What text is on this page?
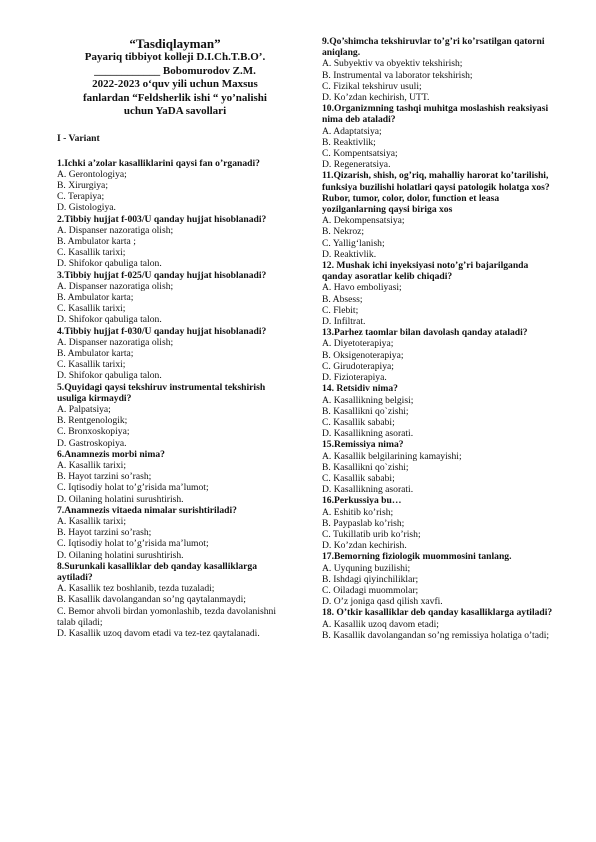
“Tasdiqlayman”
Payariq tibbiyot kolleji D.I.Ch.T.B.O’.
____________ Bobomurodov Z.M.
2022-2023 o‘quv yili uchun Maxsus
fanlardan “Feldsherlik ishi “ yo’nalishi
uchun YaDA savollari
I - Variant
1.Ichki a’zolar kasalliklarini qaysi fan o’rganadi?
A. Gerontologiya;
B. Xirurgiya;
C. Terapiya;
D. Gistologiya.
2.Tibbiy hujjat f-003/U qanday hujjat hisoblanadi?
A. Dispanser nazoratiga olish;
B. Ambulator karta ;
C. Kasallik tarixi;
D. Shifokor qabuliga talon.
3.Tibbiy hujjat f-025/U qanday hujjat hisoblanadi?
A. Dispanser nazoratiga olish;
B. Ambulator karta;
C. Kasallik tarixi;
D. Shifokor qabuliga talon.
4.Tibbiy hujjat f-030/U qanday hujjat hisoblanadi?
A. Dispanser nazoratiga olish;
B. Ambulator karta;
C. Kasallik tarixi;
D. Shifokor qabuliga talon.
5.Quyidagi qaysi tekshiruv instrumental tekshirish usuliga kirmaydi?
A. Palpatsiya;
B. Rentgenologik;
C. Bronxoskopiya;
D. Gastroskopiya.
6.Anamnezis morbi nima?
A. Kasallik tarixi;
B. Hayot tarzini so’rash;
C. Iqtisodiy holat to’g’risida ma’lumot;
D. Oilaning holatini surushtirish.
7.Anamnezis vitaeda nimalar surishtiriladi?
A. Kasallik tarixi;
B. Hayot tarzini so’rash;
C. Iqtisodiy holat to’g’risida ma’lumot;
D. Oilaning holatini surushtirish.
8.Surunkali kasalliklar deb qanday kasalliklarga aytiladi?
A. Kasallik tez boshlanib, tezda tuzaladi;
B. Kasallik davolangandan so’ng qaytalanmaydi;
C. Bemor ahvoli birdan yomonlashib, tezda davolanishni talab qiladi;
D. Kasallik uzoq davom etadi va tez-tez qaytalanadi.
9.Qo’shimcha tekshiruvlar to’g’ri ko’rsatilgan qatorni aniqlang.
A. Subyektiv va obyektiv tekshirish;
B. Instrumental va laborator tekshirish;
C. Fizikal tekshiruv usuli;
D. Ko’zdan kechirish, UTT.
10.Organizmning tashqi muhitga moslashish reaksiyasi nima deb ataladi?
A. Adaptatsiya;
B. Reaktivlik;
C. Kompentsatsiya;
D. Regeneratsiya.
11.Qizarish, shish, og’riq, mahalliy harorat ko’tarilishi, funksiya buzilishi holatlari qaysi patologik holatga xos? Rubor, tumor, color, dolor, function et leasa yozilganlarning qaysi biriga xos
A. Dekompensatsiya;
B. Nekroz;
C. Yallig‘lanish;
D. Reaktivlik.
12. Mushak ichi inyeksiyasi noto’g’ri bajarilganda qanday asoratlar kelib chiqadi?
A. Havo emboliyasi;
B. Absess;
C. Flebit;
D. Infiltrat.
13.Parhez taomlar bilan davolash qanday ataladi?
A. Diyetoterapiya;
B. Oksigenoterapiya;
C. Girudoterapiya;
D. Fizioterapiya.
14. Retsidiv nima?
A. Kasallikning belgisi;
B. Kasallikni qo`zishi;
C. Kasallik sababi;
D. Kasallikning asorati.
15.Remissiya nima?
A. Kasallik belgilarining kamayishi;
B. Kasallikni qo`zishi;
C. Kasallik sababi;
D. Kasallikning asorati.
16.Perkussiya bu…
A. Eshitib ko’rish;
B. Paypaslab ko’rish;
C. Tukillatib urib ko’rish;
D. Ko’zdan kechirish.
17.Bemorning fiziologik muommosini tanlang.
A. Uyquning buzilishi;
B. Ishdagi qiyinchiliklar;
C. Oiladagi muommolar;
D. O’z joniga qasd qilish xavfi.
18. O’tkir kasalliklar deb qanday kasalliklarga aytiladi?
A. Kasallik uzoq davom etadi;
B. Kasallik davolangandan so’ng remissiya holatiga o’tadi;
